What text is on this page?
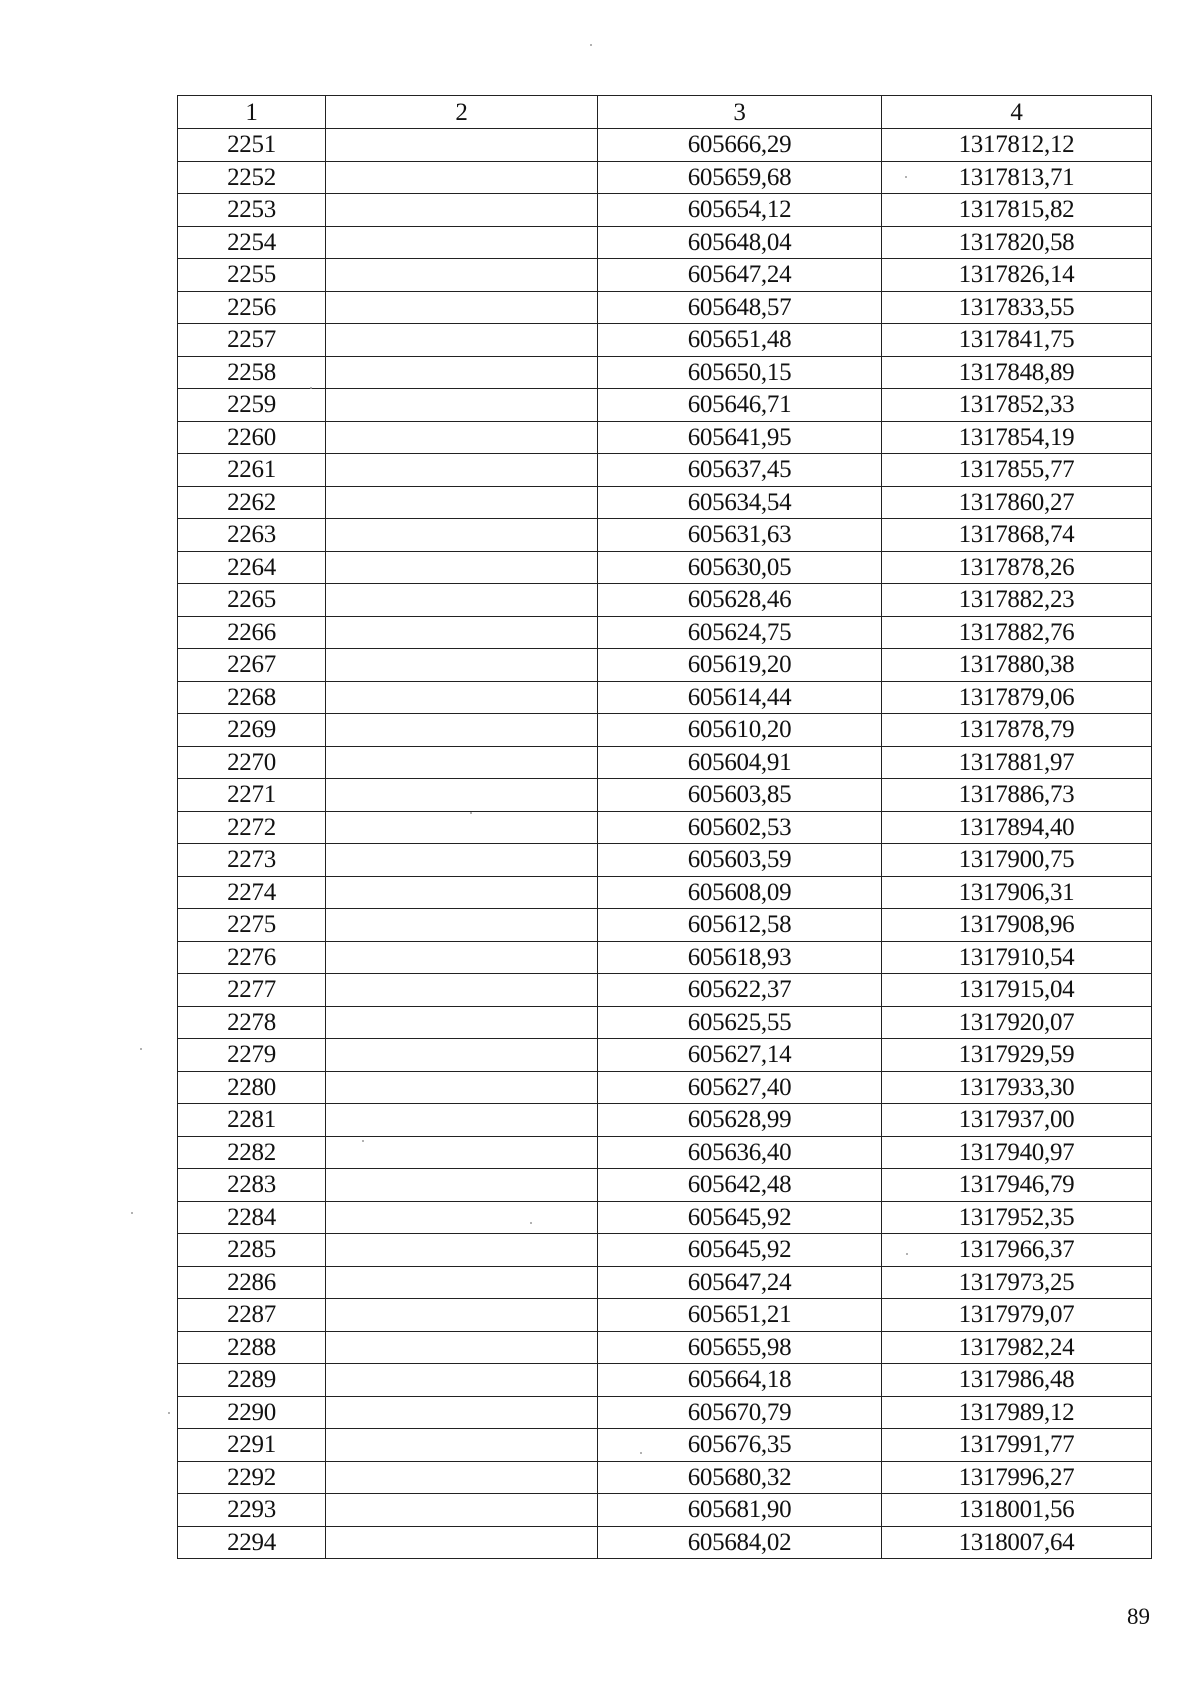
1	2	3	4
2251		605666,29	1317812,12
2252		605659,68	1317813,71
2253		605654,12	1317815,82
2254		605648,04	1317820,58
2255		605647,24	1317826,14
2256		605648,57	1317833,55
2257		605651,48	1317841,75
2258		605650,15	1317848,89
2259		605646,71	1317852,33
2260		605641,95	1317854,19
2261		605637,45	1317855,77
2262		605634,54	1317860,27
2263		605631,63	1317868,74
2264		605630,05	1317878,26
2265		605628,46	1317882,23
2266		605624,75	1317882,76
2267		605619,20	1317880,38
2268		605614,44	1317879,06
2269		605610,20	1317878,79
2270		605604,91	1317881,97
2271		605603,85	1317886,73
2272		605602,53	1317894,40
2273		605603,59	1317900,75
2274		605608,09	1317906,31
2275		605612,58	1317908,96
2276		605618,93	1317910,54
2277		605622,37	1317915,04
2278		605625,55	1317920,07
2279		605627,14	1317929,59
2280		605627,40	1317933,30
2281		605628,99	1317937,00
2282		605636,40	1317940,97
2283		605642,48	1317946,79
2284		605645,92	1317952,35
2285		605645,92	1317966,37
2286		605647,24	1317973,25
2287		605651,21	1317979,07
2288		605655,98	1317982,24
2289		605664,18	1317986,48
2290		605670,79	1317989,12
2291		605676,35	1317991,77
2292		605680,32	1317996,27
2293		605681,90	1318001,56
2294		605684,02	1318007,64
89
